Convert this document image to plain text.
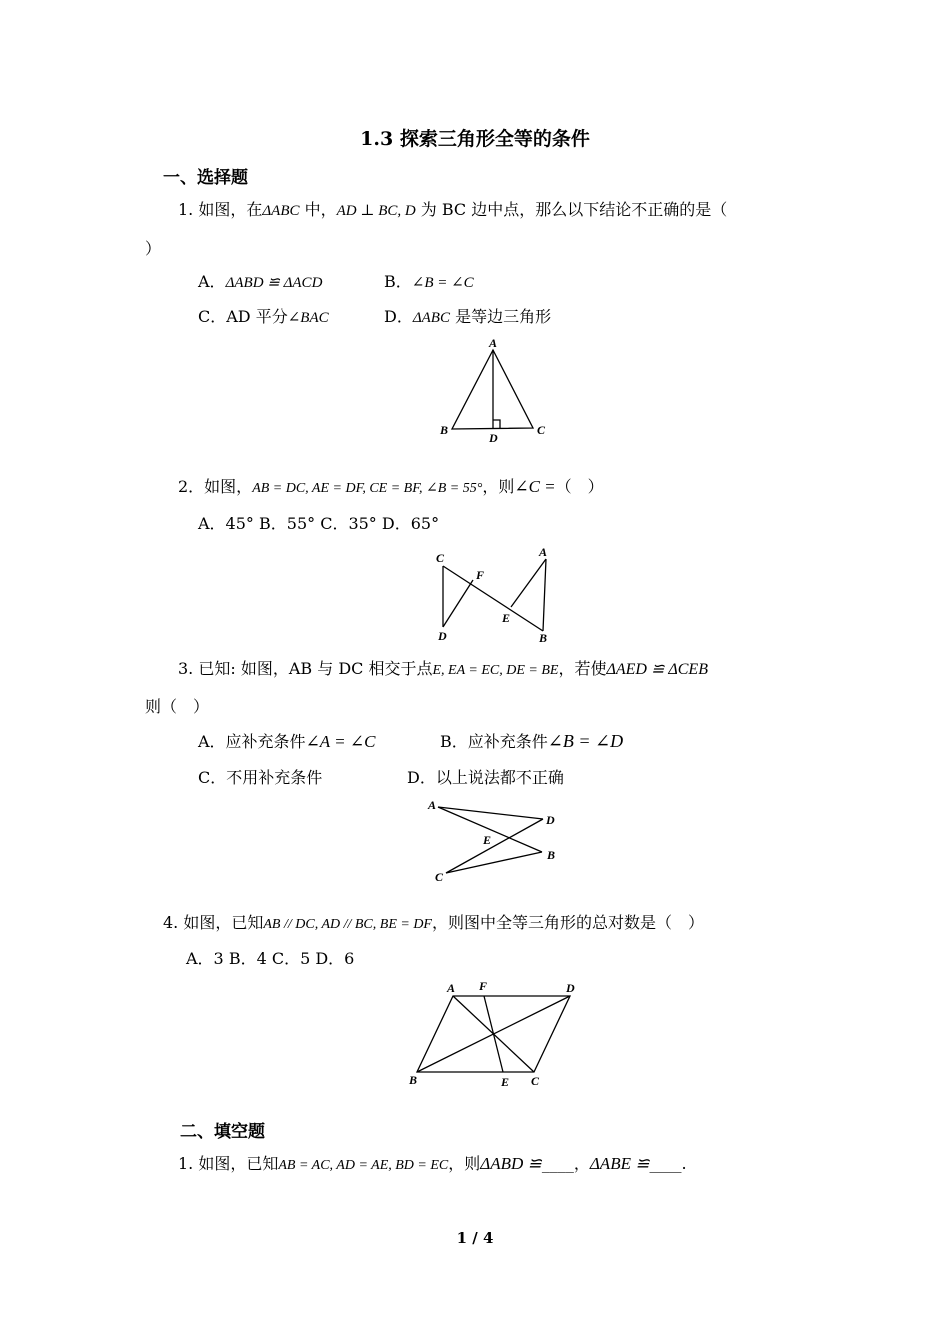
1.3 探索三角形全等的条件
一、选择题
1. 如图，在ΔABC 中，AD ⊥ BC, D 为 BC 边中点，那么以下结论不正确的是（
）
A．ΔABD ≌ ΔACD	B．∠B = ∠C
C．AD 平分∠BAC	D．ΔABC 是等边三角形
A
B
D
C
2．如图，AB = DC, AE = DF, CE = BF, ∠B = 55°，则∠C =（　）
A．45° B．55° C．35° D．65°
C
F
A
D
E
B
3. 已知: 如图，AB 与 DC 相交于点E, EA = EC, DE = BE，若使ΔAED ≌ ΔCEB
则（　）
A．应补充条件∠A = ∠C	B．应补充条件∠B = ∠D
C．不用补充条件	D．以上说法都不正确
A
D
E
B
C
4. 如图，已知AB // DC, AD // BC, BE = DF，则图中全等三角形的总对数是（　）
A．3 B．4 C．5 D．6
A F	D
B	E C
二、填空题
1. 如图，已知AB = AC, AD = AE, BD = EC，则ΔABD ≌____，ΔABE ≌____.
1 / 4
